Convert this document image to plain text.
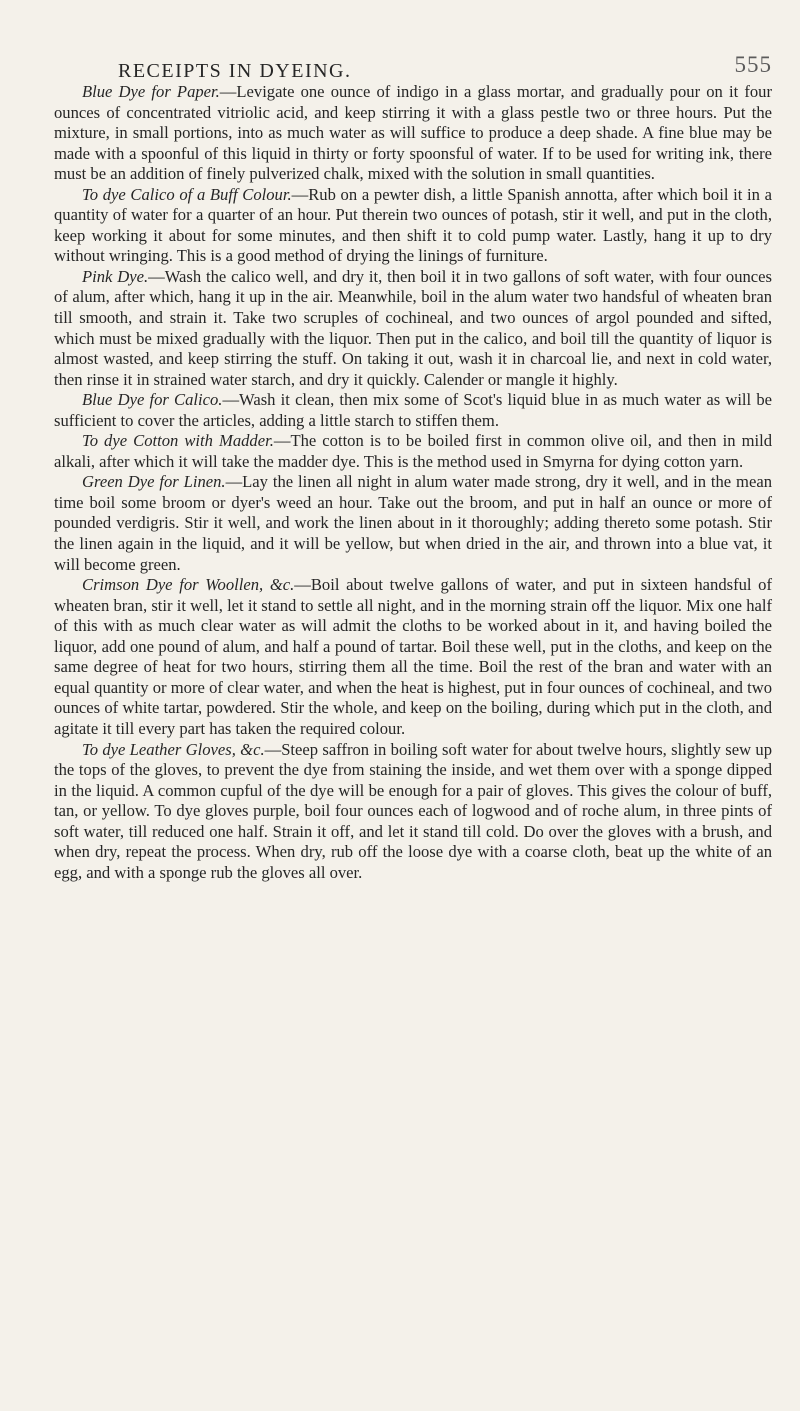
RECEIPTS IN DYEING.	555

Blue Dye for Paper.—Levigate one ounce of indigo in a glass mortar, and gradually pour on it four ounces of concentrated vitriolic acid, and keep stirring it with a glass pestle two or three hours. Put the mixture, in small portions, into as much water as will suffice to produce a deep shade. A fine blue may be made with a spoonful of this liquid in thirty or forty spoonsful of water. If to be used for writing ink, there must be an addition of finely pulverized chalk, mixed with the solution in small quantities.

To dye Calico of a Buff Colour.—Rub on a pewter dish, a little Spanish annotta, after which boil it in a quantity of water for a quarter of an hour. Put therein two ounces of potash, stir it well, and put in the cloth, keep working it about for some minutes, and then shift it to cold pump water. Lastly, hang it up to dry without wringing. This is a good method of drying the linings of furniture.

Pink Dye.—Wash the calico well, and dry it, then boil it in two gallons of soft water, with four ounces of alum, after which, hang it up in the air. Meanwhile, boil in the alum water two handsful of wheaten bran till smooth, and strain it. Take two scruples of cochineal, and two ounces of argol pounded and sifted, which must be mixed gradually with the liquor. Then put in the calico, and boil till the quantity of liquor is almost wasted, and keep stirring the stuff. On taking it out, wash it in charcoal lie, and next in cold water, then rinse it in strained water starch, and dry it quickly. Calender or mangle it highly.

Blue Dye for Calico.—Wash it clean, then mix some of Scot's liquid blue in as much water as will be sufficient to cover the articles, adding a little starch to stiffen them.

To dye Cotton with Madder.—The cotton is to be boiled first in common olive oil, and then in mild alkali, after which it will take the madder dye. This is the method used in Smyrna for dying cotton yarn.

Green Dye for Linen.—Lay the linen all night in alum water made strong, dry it well, and in the mean time boil some broom or dyer's weed an hour. Take out the broom, and put in half an ounce or more of pounded verdigris. Stir it well, and work the linen about in it thoroughly; adding thereto some potash. Stir the linen again in the liquid, and it will be yellow, but when dried in the air, and thrown into a blue vat, it will become green.

Crimson Dye for Woollen, &c.—Boil about twelve gallons of water, and put in sixteen handsful of wheaten bran, stir it well, let it stand to settle all night, and in the morning strain off the liquor. Mix one half of this with as much clear water as will admit the cloths to be worked about in it, and having boiled the liquor, add one pound of alum, and half a pound of tartar. Boil these well, put in the cloths, and keep on the same degree of heat for two hours, stirring them all the time. Boil the rest of the bran and water with an equal quantity or more of clear water, and when the heat is highest, put in four ounces of cochineal, and two ounces of white tartar, powdered. Stir the whole, and keep on the boiling, during which put in the cloth, and agitate it till every part has taken the required colour.

To dye Leather Gloves, &c.—Steep saffron in boiling soft water for about twelve hours, slightly sew up the tops of the gloves, to prevent the dye from staining the inside, and wet them over with a sponge dipped in the liquid. A common cupful of the dye will be enough for a pair of gloves. This gives the colour of buff, tan, or yellow. To dye gloves purple, boil four ounces each of logwood and of roche alum, in three pints of soft water, till reduced one half. Strain it off, and let it stand till cold. Do over the gloves with a brush, and when dry, repeat the process. When dry, rub off the loose dye with a coarse cloth, beat up the white of an egg, and with a sponge rub the gloves all over.
